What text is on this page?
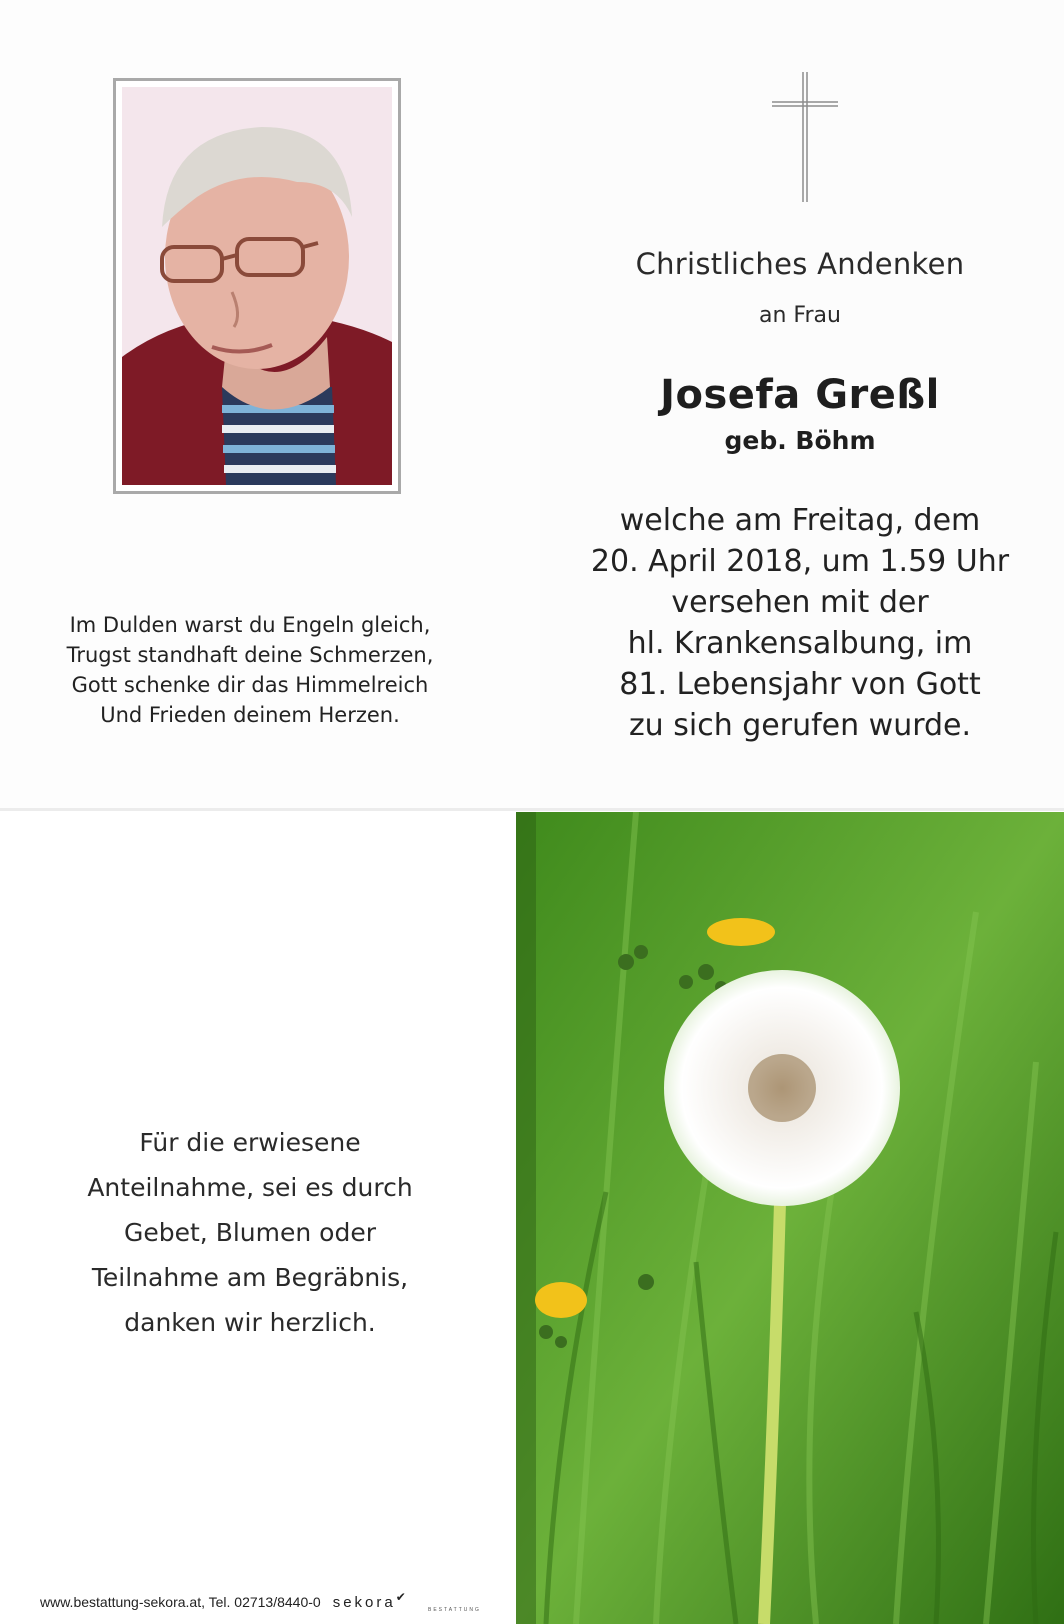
Im Dulden warst du Engeln gleich,
Trugst standhaft deine Schmerzen,
Gott schenke dir das Himmelreich
Und Frieden deinem Herzen.
Christliches Andenken
an Frau
Josefa Greßl
geb. Böhm
welche am Freitag, dem
20. April 2018, um 1.59 Uhr
versehen mit der
hl. Krankensalbung, im
81. Lebensjahr von Gott
zu sich gerufen wurde.
Für die erwiesene
Anteilnahme, sei es durch
Gebet, Blumen oder
Teilnahme am Begräbnis,
danken wir herzlich.
www.bestattung-sekora.at, Tel. 02713/8440-0 sekora✔
BESTATTUNG
